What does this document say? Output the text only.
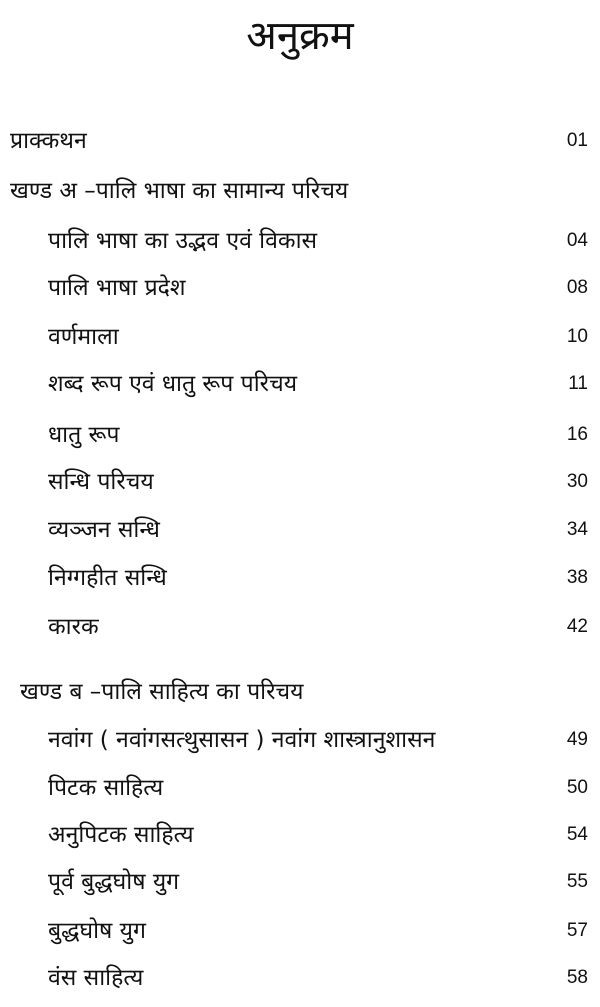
अनुक्रम
प्राक्कथन	01
खण्ड अ –पालि भाषा का सामान्य परिचय
पालि भाषा का उद्भव एवं विकास	04
पालि भाषा प्रदेश	08
वर्णमाला	10
शब्द रूप एवं धातु रूप परिचय	11
धातु रूप	16
सन्धि परिचय	30
व्यञ्जन सन्धि	34
निग्गहीत सन्धि	38
कारक	42
खण्ड ब –पालि साहित्य का परिचय
नवांग ( नवांगसत्थुसासन ) नवांग शास्त्रानुशासन	49
पिटक साहित्य	50
अनुपिटक साहित्य	54
पूर्व बुद्धघोष युग	55
बुद्धघोष युग	57
वंस साहित्य	58
